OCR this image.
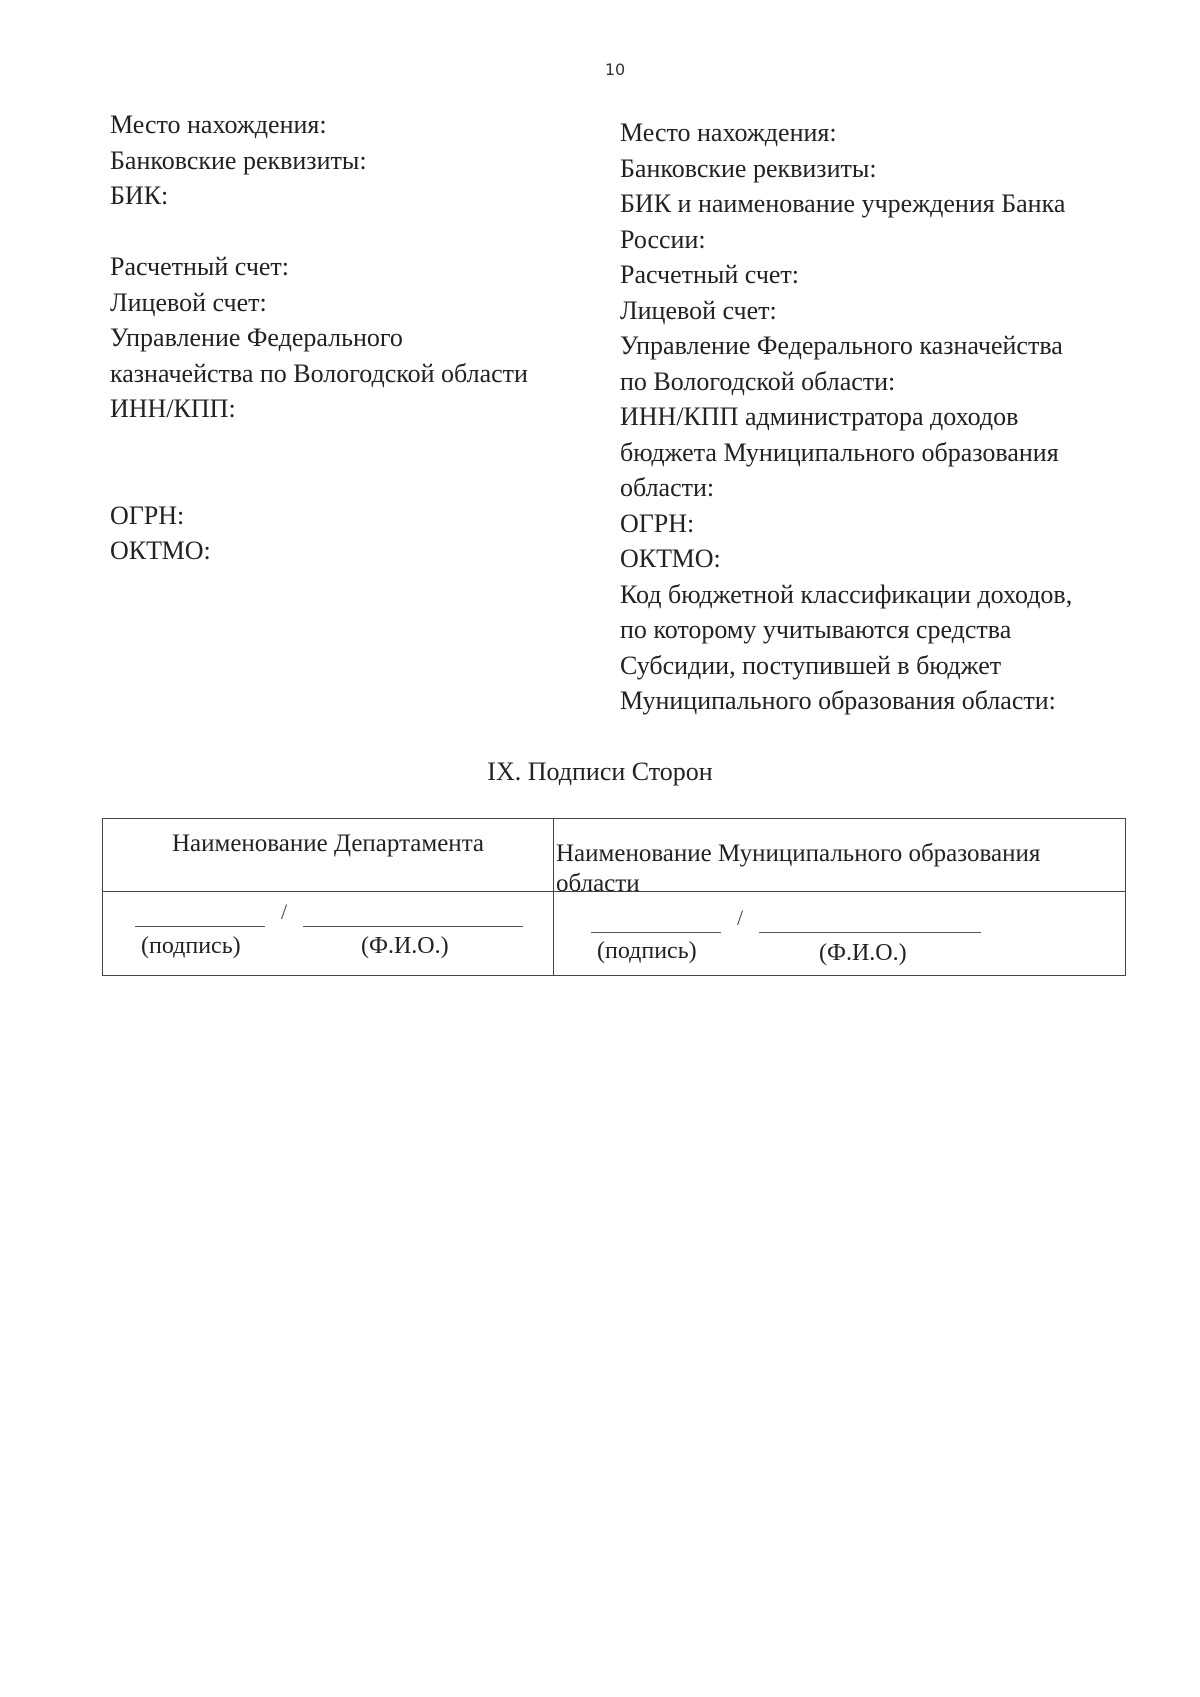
10
Место нахождения:
Банковские реквизиты:
БИК:
Расчетный счет:
Лицевой счет:
Управление Федерального
казначейства по Вологодской области
ИНН/КПП:
ОГРН:
ОКТМО:
Место нахождения:
Банковские реквизиты:
БИК и наименование учреждения Банка
России:
Расчетный счет:
Лицевой счет:
Управление Федерального казначейства
по Вологодской области:
ИНН/КПП администратора доходов
бюджета Муниципального образования
области:
ОГРН:
ОКТМО:
Код бюджетной классификации доходов,
по которому учитываются средства
Субсидии, поступившей в бюджет
Муниципального образования области:
IX. Подписи Сторон
Наименование Департамента	Наименование Муниципального образования
области
/
(подпись)	(Ф.И.О.)
/
(подпись)	(Ф.И.О.)
